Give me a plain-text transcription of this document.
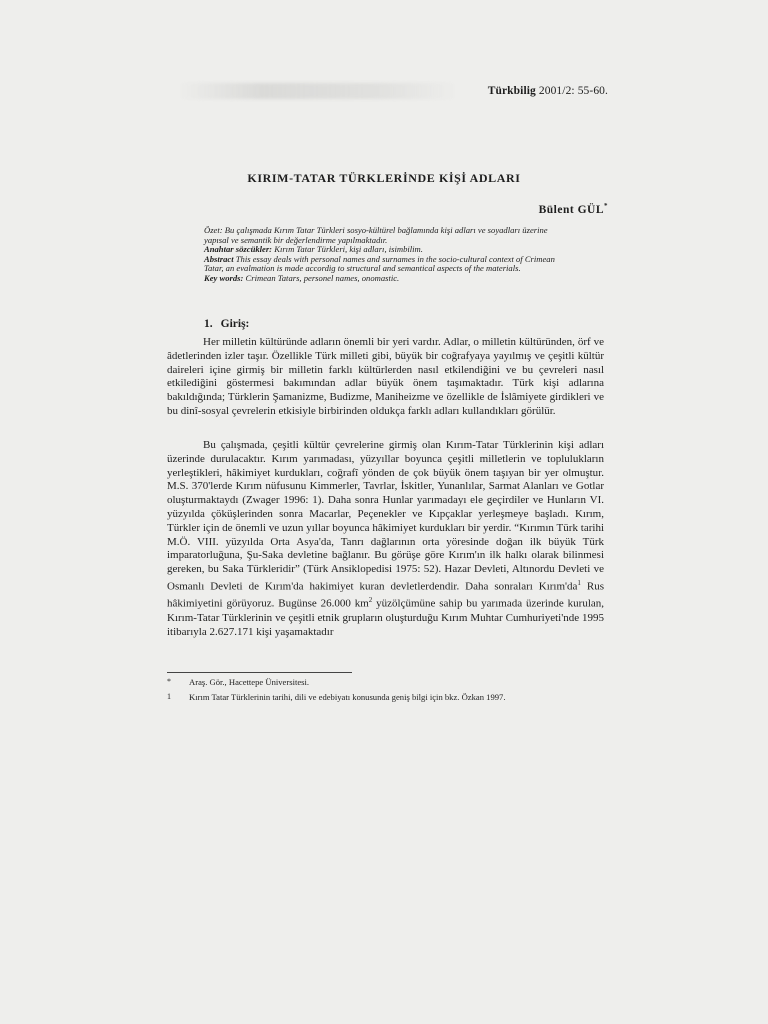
Türkbilig 2001/2: 55-60.
KIRIM-TATAR TÜRKLERİNDE KİŞİ ADLARI
Bülent GÜL*

Özet: Bu çalışmada Kırım Tatar Türkleri sosyo-kültürel bağlamında kişi adları ve soyadları üzerine yapısal ve semantik bir değerlendirme yapılmaktadır.

Anahtar sözcükler: Kırım Tatar Türkleri, kişi adları, isimbilim.

Abstract This essay deals with personal names and surnames in the socio-cultural context of Crimean Tatar, an evalmation is made accordig to structural and semantical aspects of the materials.

Key words: Crimean Tatars, personel names, onomastic.

1. Giriş:

Her milletin kültüründe adların önemli bir yeri vardır. Adlar, o milletin kültüründen, örf ve âdetlerinden izler taşır. Özellikle Türk milleti gibi, büyük bir coğrafyaya yayılmış ve çeşitli kültür daireleri içine girmiş bir milletin farklı kültürlerden nasıl etkilendiğini ve bu çevreleri nasıl etkilediğini göstermesi bakımından adlar büyük önem taşımaktadır. Türk kişi adlarına bakıldığında; Türklerin Şamanizme, Budizme, Maniheizme ve özellikle de İslâmiyete girdikleri ve bu dinî-sosyal çevrelerin etkisiyle birbirinden oldukça farklı adları kullandıkları görülür.

Bu çalışmada, çeşitli kültür çevrelerine girmiş olan Kırım-Tatar Türklerinin kişi adları üzerinde durulacaktır. Kırım yarımadası, yüzyıllar boyunca çeşitli milletlerin ve toplulukların yerleştikleri, hâkimiyet kurdukları, coğrafî yönden de çok büyük önem taşıyan bir yer olmuştur. M.S. 370'lerde Kırım nüfusunu Kimmerler, Tavrlar, İskitler, Yunanlılar, Sarmat Alanları ve Gotlar oluşturmaktaydı (Zwager 1996: 1). Daha sonra Hunlar yarımadayı ele geçirdiler ve Hunların VI. yüzyılda çöküşlerinden sonra Macarlar, Peçenekler ve Kıpçaklar yerleşmeye başladı. Kırım, Türkler için de önemli ve uzun yıllar boyunca hâkimiyet kurdukları bir yerdir. “Kırımın Türk tarihi M.Ö. VIII. yüzyılda Orta Asya'da, Tanrı dağlarının orta yöresinde doğan ilk büyük Türk imparatorluğuna, Şu-Saka devletine bağlanır. Bu görüşe göre Kırım'ın ilk halkı olarak bilinmesi gereken, bu Saka Türkleridir” (Türk Ansiklopedisi 1975: 52). Hazar Devleti, Altınordu Devleti ve Osmanlı Devleti de Kırım'da hakimiyet kuran devletlerdendir. Daha sonraları $Kırım'da^1$ Rus hâkimiyetini görüyoruz. Bugünse 26.000 $km^2$ yüzölçümüne sahip bu yarımada üzerinde kurulan, Kırım-Tatar Türklerinin ve çeşitli etnik grupların oluşturduğu Kırım Muhtar Cumhuriyeti'nde 1995 itibarıyla 2.627.171 kişi yaşamaktadır

* Araş. Gör., Hacettepe Üniversitesi.
1 Kırım Tatar Türklerinin tarihi, dili ve edebiyatı konusunda geniş bilgi için bkz. Özkan 1997.
